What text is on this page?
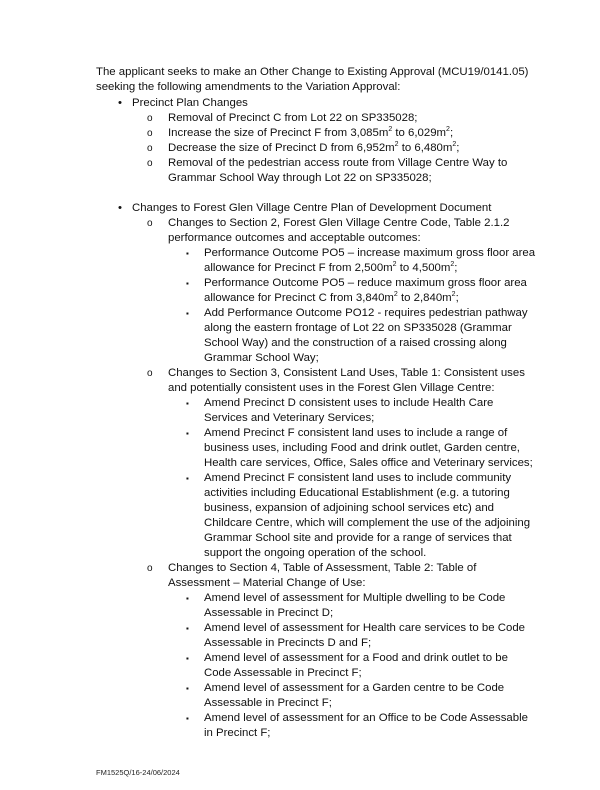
The applicant seeks to make an Other Change to Existing Approval (MCU19/0141.05) seeking the following amendments to the Variation Approval:

• Precinct Plan Changes
o Removal of Precinct C from Lot 22 on SP335028;
o Increase the size of Precinct F from $3,085m^2$ to $6,029m^2$;
o Decrease the size of Precinct D from $6,952m^2$ to $6,480m^2$;
o Removal of the pedestrian access route from Village Centre Way to Grammar School Way through Lot 22 on SP335028;
• Changes to Forest Glen Village Centre Plan of Development Document
o Changes to Section 2, Forest Glen Village Centre Code, Table 2.1.2 performance outcomes and acceptable outcomes:
▪ Performance Outcome PO5 – increase maximum gross floor area allowance for Precinct F from $2,500m^2$ to $4,500m^2$;
▪ Performance Outcome PO5 – reduce maximum gross floor area allowance for Precinct C from $3,840m^2$ to $2,840m^2$;
▪ Add Performance Outcome PO12 - requires pedestrian pathway along the eastern frontage of Lot 22 on SP335028 (Grammar School Way) and the construction of a raised crossing along Grammar School Way;
o Changes to Section 3, Consistent Land Uses, Table 1: Consistent uses and potentially consistent uses in the Forest Glen Village Centre:
▪ Amend Precinct D consistent uses to include Health Care Services and Veterinary Services;
▪ Amend Precinct F consistent land uses to include a range of business uses, including Food and drink outlet, Garden centre, Health care services, Office, Sales office and Veterinary services;
▪ Amend Precinct F consistent land uses to include community activities including Educational Establishment (e.g. a tutoring business, expansion of adjoining school services etc) and Childcare Centre, which will complement the use of the adjoining Grammar School site and provide for a range of services that support the ongoing operation of the school.
o Changes to Section 4, Table of Assessment, Table 2: Table of Assessment – Material Change of Use:
▪ Amend level of assessment for Multiple dwelling to be Code Assessable in Precinct D;
▪ Amend level of assessment for Health care services to be Code Assessable in Precincts D and F;
▪ Amend level of assessment for a Food and drink outlet to be Code Assessable in Precinct F;
▪ Amend level of assessment for a Garden centre to be Code Assessable in Precinct F;
▪ Amend level of assessment for an Office to be Code Assessable in Precinct F;
FM1525Q/16-24/06/2024
